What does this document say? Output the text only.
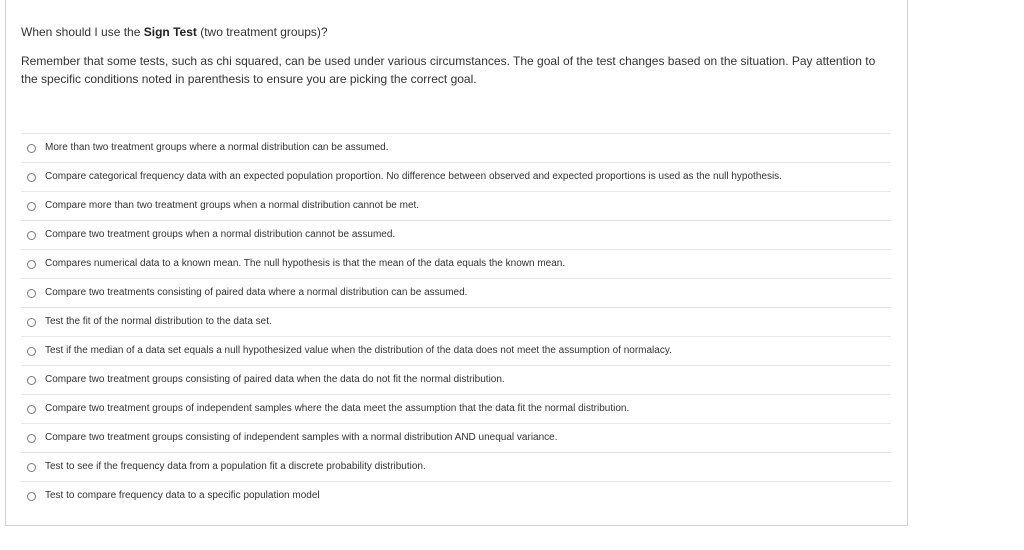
When should I use the Sign Test (two treatment groups)?
Remember that some tests, such as chi squared, can be used under various circumstances. The goal of the test changes based on the situation. Pay attention to the specific conditions noted in parenthesis to ensure you are picking the correct goal.
More than two treatment groups where a normal distribution can be assumed.
Compare categorical frequency data with an expected population proportion. No difference between observed and expected proportions is used as the null hypothesis.
Compare more than two treatment groups when a normal distribution cannot be met.
Compare two treatment groups when a normal distribution cannot be assumed.
Compares numerical data to a known mean. The null hypothesis is that the mean of the data equals the known mean.
Compare two treatments consisting of paired data where a normal distribution can be assumed.
Test the fit of the normal distribution to the data set.
Test if the median of a data set equals a null hypothesized value when the distribution of the data does not meet the assumption of normalacy.
Compare two treatment groups consisting of paired data when the data do not fit the normal distribution.
Compare two treatment groups of independent samples where the data meet the assumption that the data fit the normal distribution.
Compare two treatment groups consisting of independent samples with a normal distribution AND unequal variance.
Test to see if the frequency data from a population fit a discrete probability distribution.
Test to compare frequency data to a specific population model
